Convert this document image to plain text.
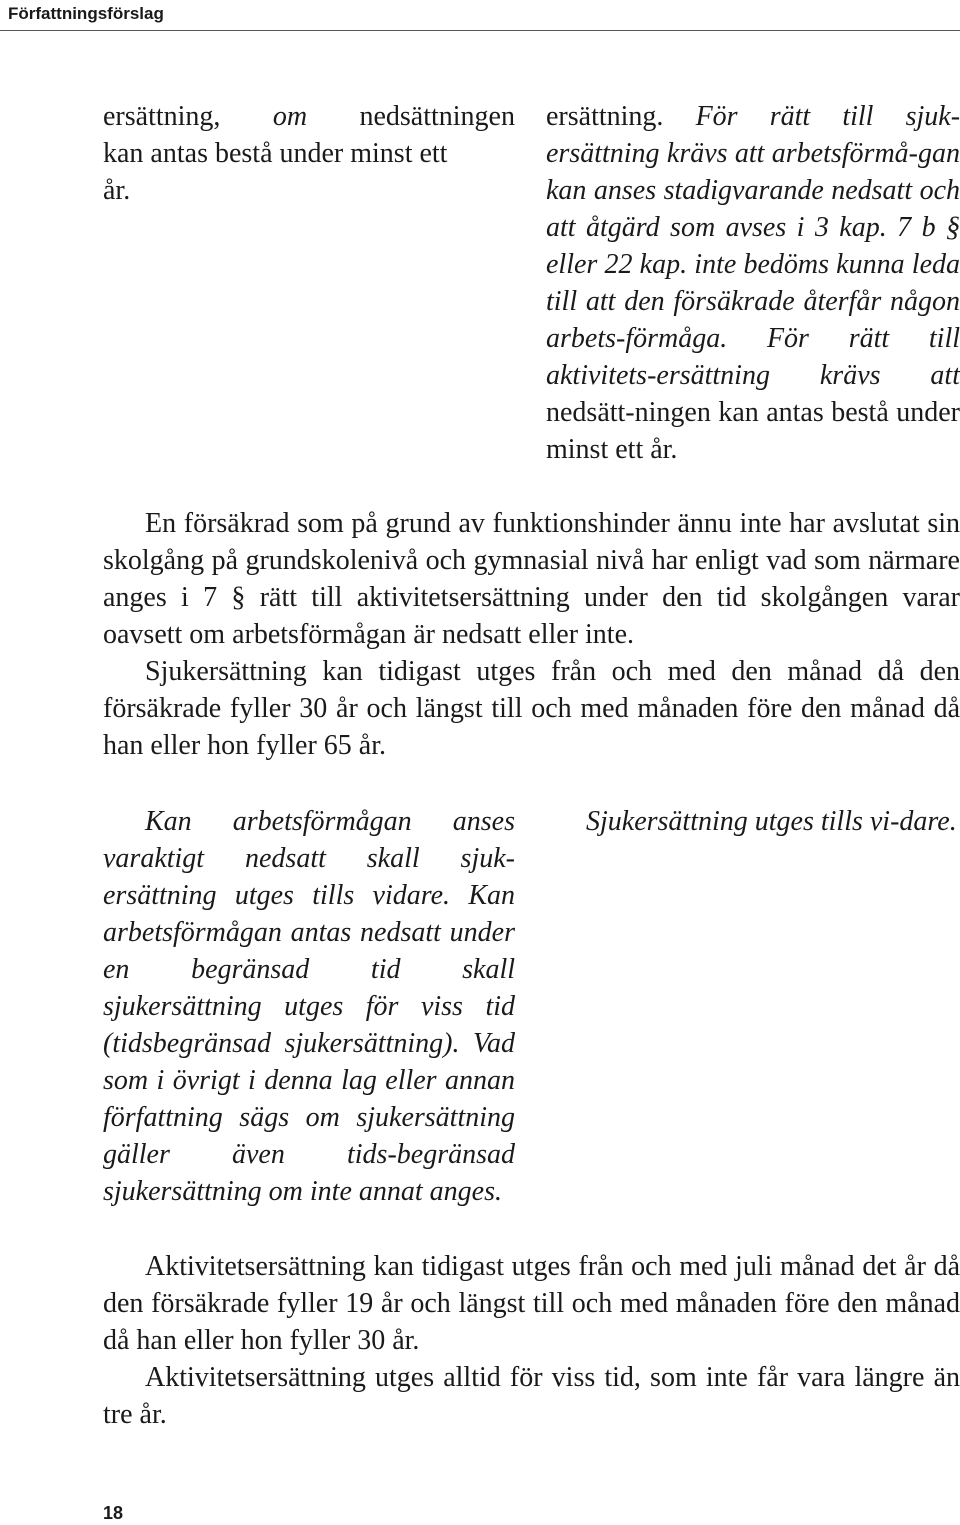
Författningsförslag
ersättning, om nedsättningen
kan antas bestå under minst ett
år.

ersättning. För rätt till sjuk-ersättning krävs att arbetsförmå-gan kan anses stadigvarande nedsatt och att åtgärd som avses i 3 kap. 7 b § eller 22 kap. inte bedöms kunna leda till att den försäkrade återfår någon arbets-förmåga. För rätt till aktivitets-ersättning krävs att nedsätt-ningen kan antas bestå under minst ett år.

En försäkrad som på grund av funktionshinder ännu inte har avslutat sin skolgång på grundskolenivå och gymnasial nivå har enligt vad som närmare anges i 7 § rätt till aktivitetsersättning under den tid skolgången varar oavsett om arbetsförmågan är nedsatt eller inte.

Sjukersättning kan tidigast utges från och med den månad då den försäkrade fyller 30 år och längst till och med månaden före den månad då han eller hon fyller 65 år.

Kan arbetsförmågan anses varaktigt nedsatt skall sjuk-ersättning utges tills vidare. Kan arbetsförmågan antas nedsatt under en begränsad tid skall sjukersättning utges för viss tid (tidsbegränsad sjukersättning). Vad som i övrigt i denna lag eller annan författning sägs om sjukersättning gäller även tids-begränsad sjukersättning om inte annat anges.

Sjukersättning utges tills vi-dare.

Aktivitetsersättning kan tidigast utges från och med juli månad det år då den försäkrade fyller 19 år och längst till och med månaden före den månad då han eller hon fyller 30 år.

Aktivitetsersättning utges alltid för viss tid, som inte får vara längre än tre år.

18
